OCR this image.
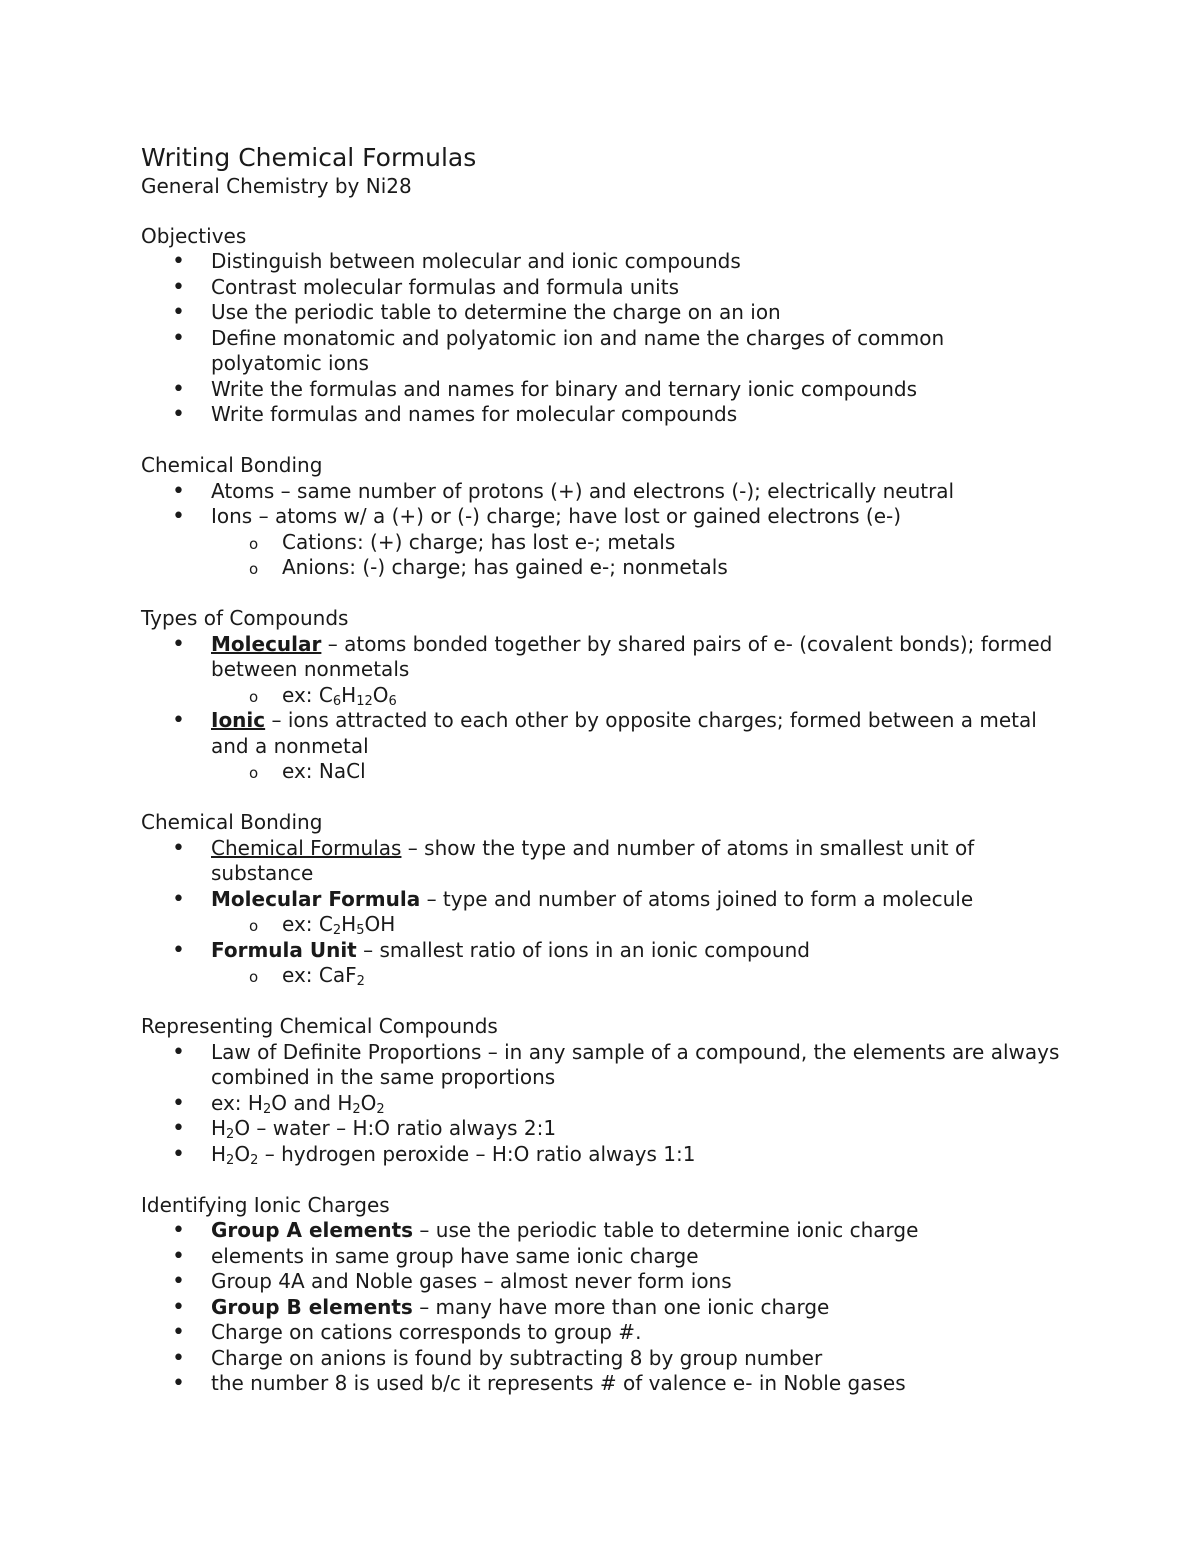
Writing Chemical Formulas

General Chemistry by Ni28

Objectives

• Distinguish between molecular and ionic compounds
• Contrast molecular formulas and formula units
• Use the periodic table to determine the charge on an ion
• Define monatomic and polyatomic ion and name the charges of common polyatomic ions
• Write the formulas and names for binary and ternary ionic compounds
• Write formulas and names for molecular compounds

Chemical Bonding

• Atoms – same number of protons (+) and electrons (-); electrically neutral
• Ions – atoms w/ a (+) or (-) charge; have lost or gained electrons (e-)
o Cations: (+) charge; has lost e-; metals
o Anions: (-) charge; has gained e-; nonmetals

Types of Compounds

• Molecular – atoms bonded together by shared pairs of e- (covalent bonds); formed between nonmetals
o ex: $C_6H_{12}O_6$
• Ionic – ions attracted to each other by opposite charges; formed between a metal and a nonmetal
o ex: NaCl

Chemical Bonding

• Chemical Formulas – show the type and number of atoms in smallest unit of substance
• Molecular Formula – type and number of atoms joined to form a molecule
o ex: $C_2H_5OH$
• Formula Unit – smallest ratio of ions in an ionic compound
o ex: CaF$_2$

Representing Chemical Compounds

• Law of Definite Proportions – in any sample of a compound, the elements are always combined in the same proportions
• ex: $H_2O$ and $H_2O_2$
• $H_2O$ – water – H:O ratio always 2:1
• $H_2O_2$ – hydrogen peroxide – H:O ratio always 1:1

Identifying Ionic Charges

• Group A elements – use the periodic table to determine ionic charge
• elements in same group have same ionic charge
• Group 4A and Noble gases – almost never form ions
• Group B elements – many have more than one ionic charge
• Charge on cations corresponds to group #.
• Charge on anions is found by subtracting 8 by group number
• the number 8 is used b/c it represents # of valence e- in Noble gases
